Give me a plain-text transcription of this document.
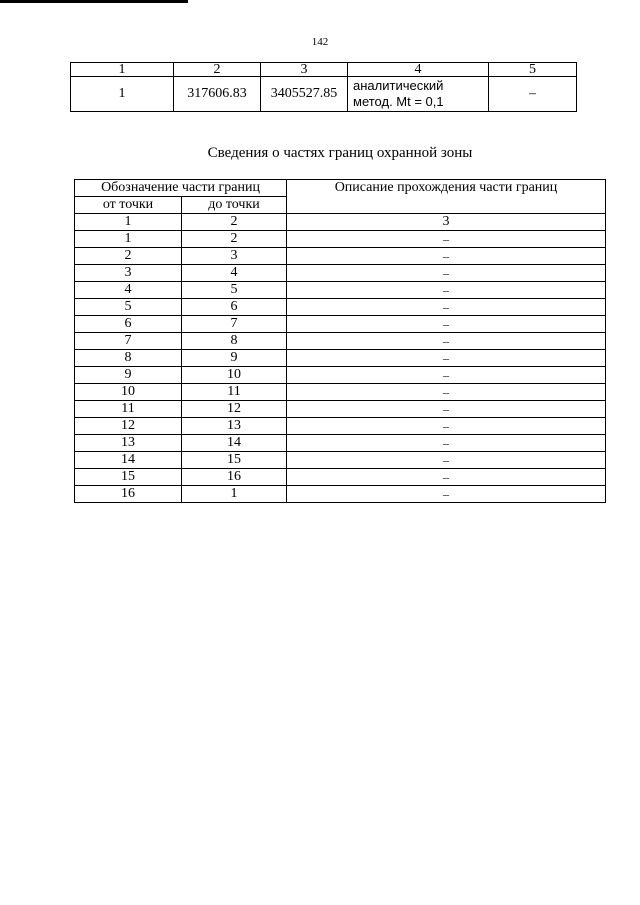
142
1	2	3	4	5
1	317606.83	3405527.85	аналитический
метод. Mt = 0,1	–
Сведения о частях границ охранной зоны
Обозначение части границ		Описание прохождения части границ
от точки	до точки	
1	2	3
1	2	–
2	3	–
3	4	–
4	5	–
5	6	–
6	7	–
7	8	–
8	9	–
9	10	–
10	11	–
11	12	–
12	13	–
13	14	–
14	15	–
15	16	–
16	1	–
